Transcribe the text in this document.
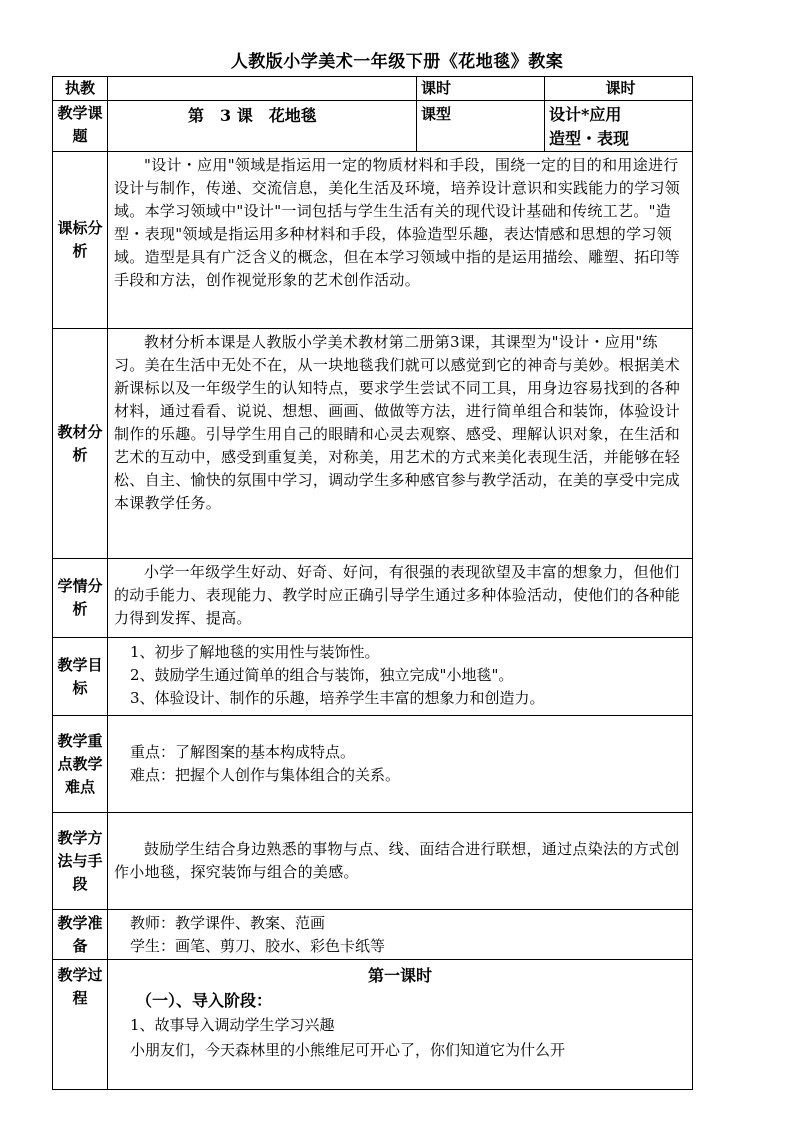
人教版小学美术一年级下册《花地毯》教案
执教		课时	课时
教学课题	第　3 课　花地毯	课型	设计*应用
造型・表现

课标分析	"设计・应用"领域是指运用一定的物质材料和手段，围绕一定的目的和用途进行设计与制作，传递、交流信息，美化生活及环境，培养设计意识和实践能力的学习领域。本学习领域中"设计"一词包括与学生生活有关的现代设计基础和传统工艺。"造型・表现"领域是指运用多种材料和手段，体验造型乐趣，表达情感和思想的学习领域。造型是具有广泛含义的概念，但在本学习领域中指的是运用描绘、雕塑、拓印等手段和方法，创作视觉形象的艺术创作活动。		

教材分析	教材分析本课是人教版小学美术教材第二册第3课，其课型为"设计・应用"练习。美在生活中无处不在，从一块地毯我们就可以感觉到它的神奇与美妙。根据美术新课标以及一年级学生的认知特点，要求学生尝试不同工具，用身边容易找到的各种材料，通过看看、说说、想想、画画、做做等方法，进行简单组合和装饰，体验设计制作的乐趣。引导学生用自己的眼睛和心灵去观察、感受、理解认识对象，在生活和艺术的互动中，感受到重复美，对称美，用艺术的方式来美化表现生活，并能够在轻松、自主、愉快的氛围中学习，调动学生多种感官参与教学活动，在美的享受中完成本课教学任务。		

学情分析	小学一年级学生好动、好奇、好问，有很强的表现欲望及丰富的想象力，但他们的动手能力、表现能力、教学时应正确引导学生通过多种体验活动，使他们的各种能力得到发挥、提高。		

教学目标	1、初步了解地毯的实用性与装饰性。

2、鼓励学生通过简单的组合与装饰，独立完成"小地毯"。

3、体验设计、制作的乐趣，培养学生丰富的想象力和创造力。		

教学重点教学难点	重点：了解图案的基本构成特点。

难点：把握个人创作与集体组合的关系。		

教学方法与手段	鼓励学生结合身边熟悉的事物与点、线、面结合进行联想，通过点染法的方式创作小地毯，探究装饰与组合的美感。		

教学准备	教师：教学课件、教案、范画

学生：画笔、剪刀、胶水、彩色卡纸等		

教学过程	第一课时

（一）、导入阶段：

1、故事导入调动学生学习兴趣

小朋友们，今天森林里的小熊维尼可开心了，你们知道它为什么开		
